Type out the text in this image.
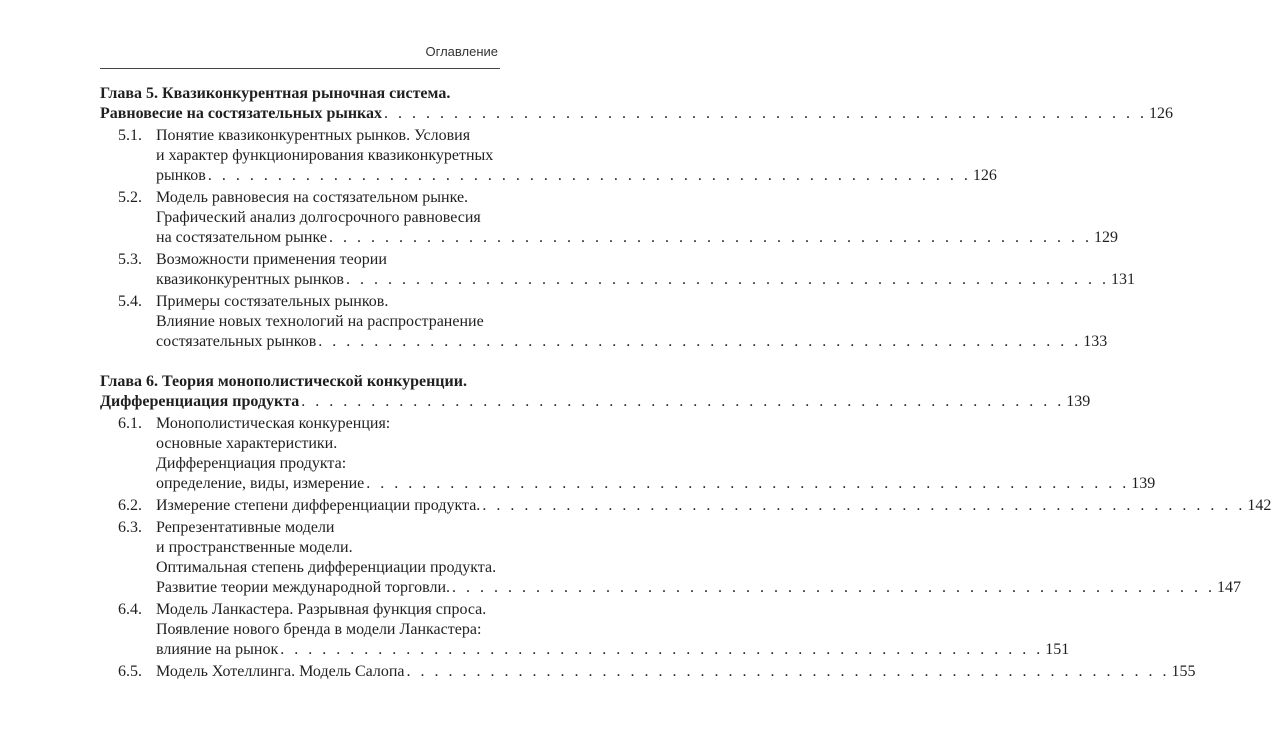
Оглавление
Глава 5. Квазиконкурентная рыночная система.
Равновесие на состязательных рынках . . . . . . . . . . . . . . . . . . . . . . . . . . . . . . . . . . . . . . . . . . . . . . . . . . . . . . . 126
5.1. Понятие квазиконкурентных рынков. Условия
и характер функционирования квазиконкуретных
рынков . . . . . . . . . . . . . . . . . . . . . . . . . . . . . . . . . . . . . . . . . . . . . . . . . . . . . . . 126
5.2. Модель равновесия на состязательном рынке.
Графический анализ долгосрочного равновесия
на состязательном рынке . . . . . . . . . . . . . . . . . . . . . . . . . . . . . . . . . . . . . . . . . . . . . . . . . . . . . . . 129
5.3. Возможности применения теории
квазиконкурентных рынков . . . . . . . . . . . . . . . . . . . . . . . . . . . . . . . . . . . . . . . . . . . . . . . . . . . . . . . 131
5.4. Примеры состязательных рынков.
Влияние новых технологий на распространение
состязательных рынков . . . . . . . . . . . . . . . . . . . . . . . . . . . . . . . . . . . . . . . . . . . . . . . . . . . . . . . 133
Глава 6. Теория монополистической конкуренции.
Дифференциация продукта . . . . . . . . . . . . . . . . . . . . . . . . . . . . . . . . . . . . . . . . . . . . . . . . . . . . . . . 139
6.1. Монополистическая конкуренция:
основные характеристики.
Дифференциация продукта:
определение, виды, измерение . . . . . . . . . . . . . . . . . . . . . . . . . . . . . . . . . . . . . . . . . . . . . . . . . . . . . . . 139
6.2. Измерение степени дифференциации продукта. . . . . . . . . . . . . . . . . . . . . . . . . . . . . . . . . . . . . . . . . . . . . . . . . . . . . . . . 142
6.3. Репрезентативные модели
и пространственные модели.
Оптимальная степень дифференциации продукта.
Развитие теории международной торговли. . . . . . . . . . . . . . . . . . . . . . . . . . . . . . . . . . . . . . . . . . . . . . . . . . . . . . . . 147
6.4. Модель Ланкастера. Разрывная функция спроса.
Появление нового бренда в модели Ланкастера:
влияние на рынок . . . . . . . . . . . . . . . . . . . . . . . . . . . . . . . . . . . . . . . . . . . . . . . . . . . . . . . 151
6.5. Модель Хотеллинга. Модель Салопа . . . . . . . . . . . . . . . . . . . . . . . . . . . . . . . . . . . . . . . . . . . . . . . . . . . . . . . 155
